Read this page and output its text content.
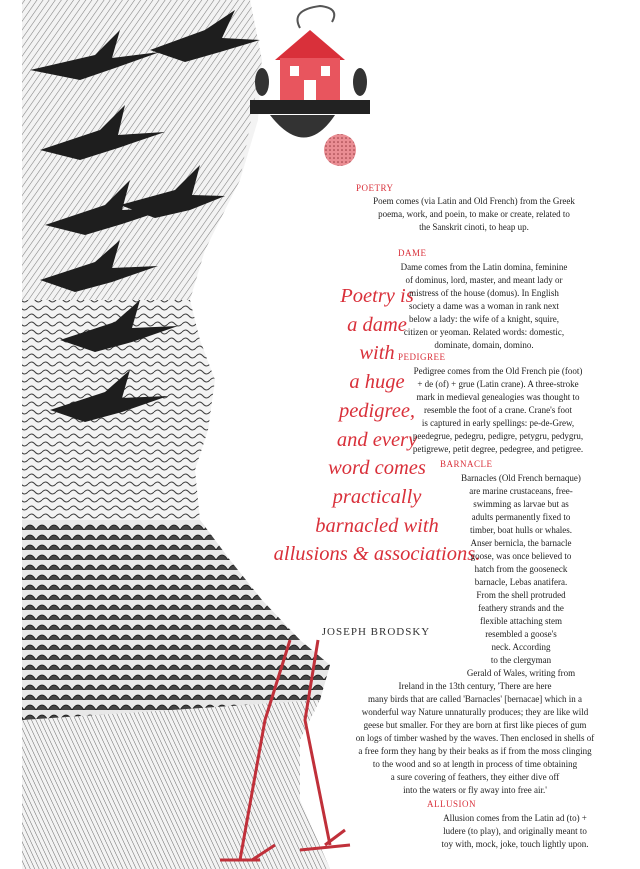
Poetry is
a dame
with
a huge
pedigree,
and every
word comes
practically
barnacled with
allusions & associations.
JOSEPH BRODSKY
POETRY
Poem comes (via Latin and Old French) from the Greek
poema, work, and poein, to make or create, related to
the Sanskrit cinoti, to heap up.
DAME
Dame comes from the Latin domina, feminine
of dominus, lord, master, and meant lady or
mistress of the house (domus). In English
society a dame was a woman in rank next
below a lady: the wife of a knight, squire,
citizen or yeoman. Related words: domestic,
dominate, domain, domino.
PEDIGREE
Pedigree comes from the Old French pie (foot)
+ de (of) + grue (Latin crane). A three-stroke
mark in medieval genealogies was thought to
resemble the foot of a crane. Crane's foot
is captured in early spellings: pe-de-Grew,
peedegrue, pedegru, pedigre, petygru, pedygru,
petigrewe, petit degree, pedegree, and petigree.
BARNACLE
Barnacles (Old French bernaque)
are marine crustaceans, free-
swimming as larvae but as
adults permanently fixed to
timber, boat hulls or whales.
Anser bernicla, the barnacle
goose, was once believed to
hatch from the gooseneck
barnacle, Lebas anatifera.
From the shell protruded
feathery strands and the
flexible attaching stem
resembled a goose's
neck. According
to the clergyman
Gerald of Wales, writing from
Ireland in the 13th century, 'There are here
many birds that are called 'Barnacles' [bernacae] which in a
wonderful way Nature unnaturally produces; they are like wild
geese but smaller. For they are born at first like pieces of gum
on logs of timber washed by the waves. Then enclosed in shells of
a free form they hang by their beaks as if from the moss clinging
to the wood and so at length in process of time obtaining
a sure covering of feathers, they either dive off
into the waters or fly away into free air.'
ALLUSION
Allusion comes from the Latin ad (to) +
ludere (to play), and originally meant to
toy with, mock, joke, touch lightly upon.
